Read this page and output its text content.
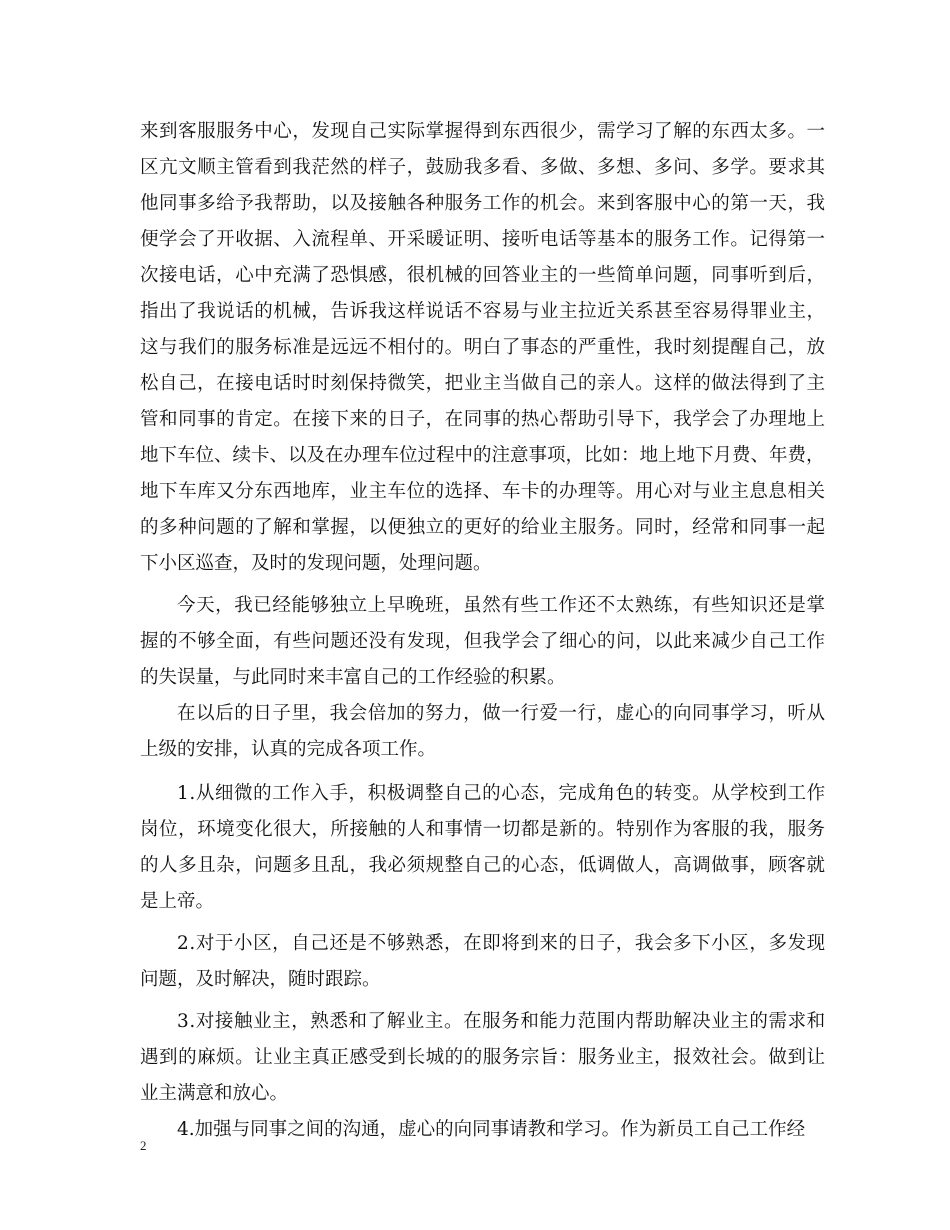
来到客服服务中心，发现自己实际掌握得到东西很少，需学习了解的东西太多。一
区亢文顺主管看到我茫然的样子，鼓励我多看、多做、多想、多问、多学。要求其
他同事多给予我帮助，以及接触各种服务工作的机会。来到客服中心的第一天，我
便学会了开收据、入流程单、开采暖证明、接听电话等基本的服务工作。记得第一
次接电话，心中充满了恐惧感，很机械的回答业主的一些简单问题，同事听到后，
指出了我说话的机械，告诉我这样说话不容易与业主拉近关系甚至容易得罪业主，
这与我们的服务标准是远远不相付的。明白了事态的严重性，我时刻提醒自己，放
松自己，在接电话时时刻保持微笑，把业主当做自己的亲人。这样的做法得到了主
管和同事的肯定。在接下来的日子，在同事的热心帮助引导下，我学会了办理地上
地下车位、续卡、以及在办理车位过程中的注意事项，比如：地上地下月费、年费，
地下车库又分东西地库，业主车位的选择、车卡的办理等。用心对与业主息息相关
的多种问题的了解和掌握，以便独立的更好的给业主服务。同时，经常和同事一起
下小区巡查，及时的发现问题，处理问题。
今天，我已经能够独立上早晚班，虽然有些工作还不太熟练，有些知识还是掌
握的不够全面，有些问题还没有发现，但我学会了细心的问，以此来减少自己工作
的失误量，与此同时来丰富自己的工作经验的积累。
在以后的日子里，我会倍加的努力，做一行爱一行，虚心的向同事学习，听从
上级的安排，认真的完成各项工作。
1.从细微的工作入手，积极调整自己的心态，完成角色的转变。从学校到工作
岗位，环境变化很大，所接触的人和事情一切都是新的。特别作为客服的我，服务
的人多且杂，问题多且乱，我必须规整自己的心态，低调做人，高调做事，顾客就
是上帝。
2.对于小区，自己还是不够熟悉，在即将到来的日子，我会多下小区，多发现
问题，及时解决，随时跟踪。
3.对接触业主，熟悉和了解业主。在服务和能力范围内帮助解决业主的需求和
遇到的麻烦。让业主真正感受到长城的的服务宗旨：服务业主，报效社会。做到让
业主满意和放心。
4.加强与同事之间的沟通，虚心的向同事请教和学习。作为新员工自己工作经
2
